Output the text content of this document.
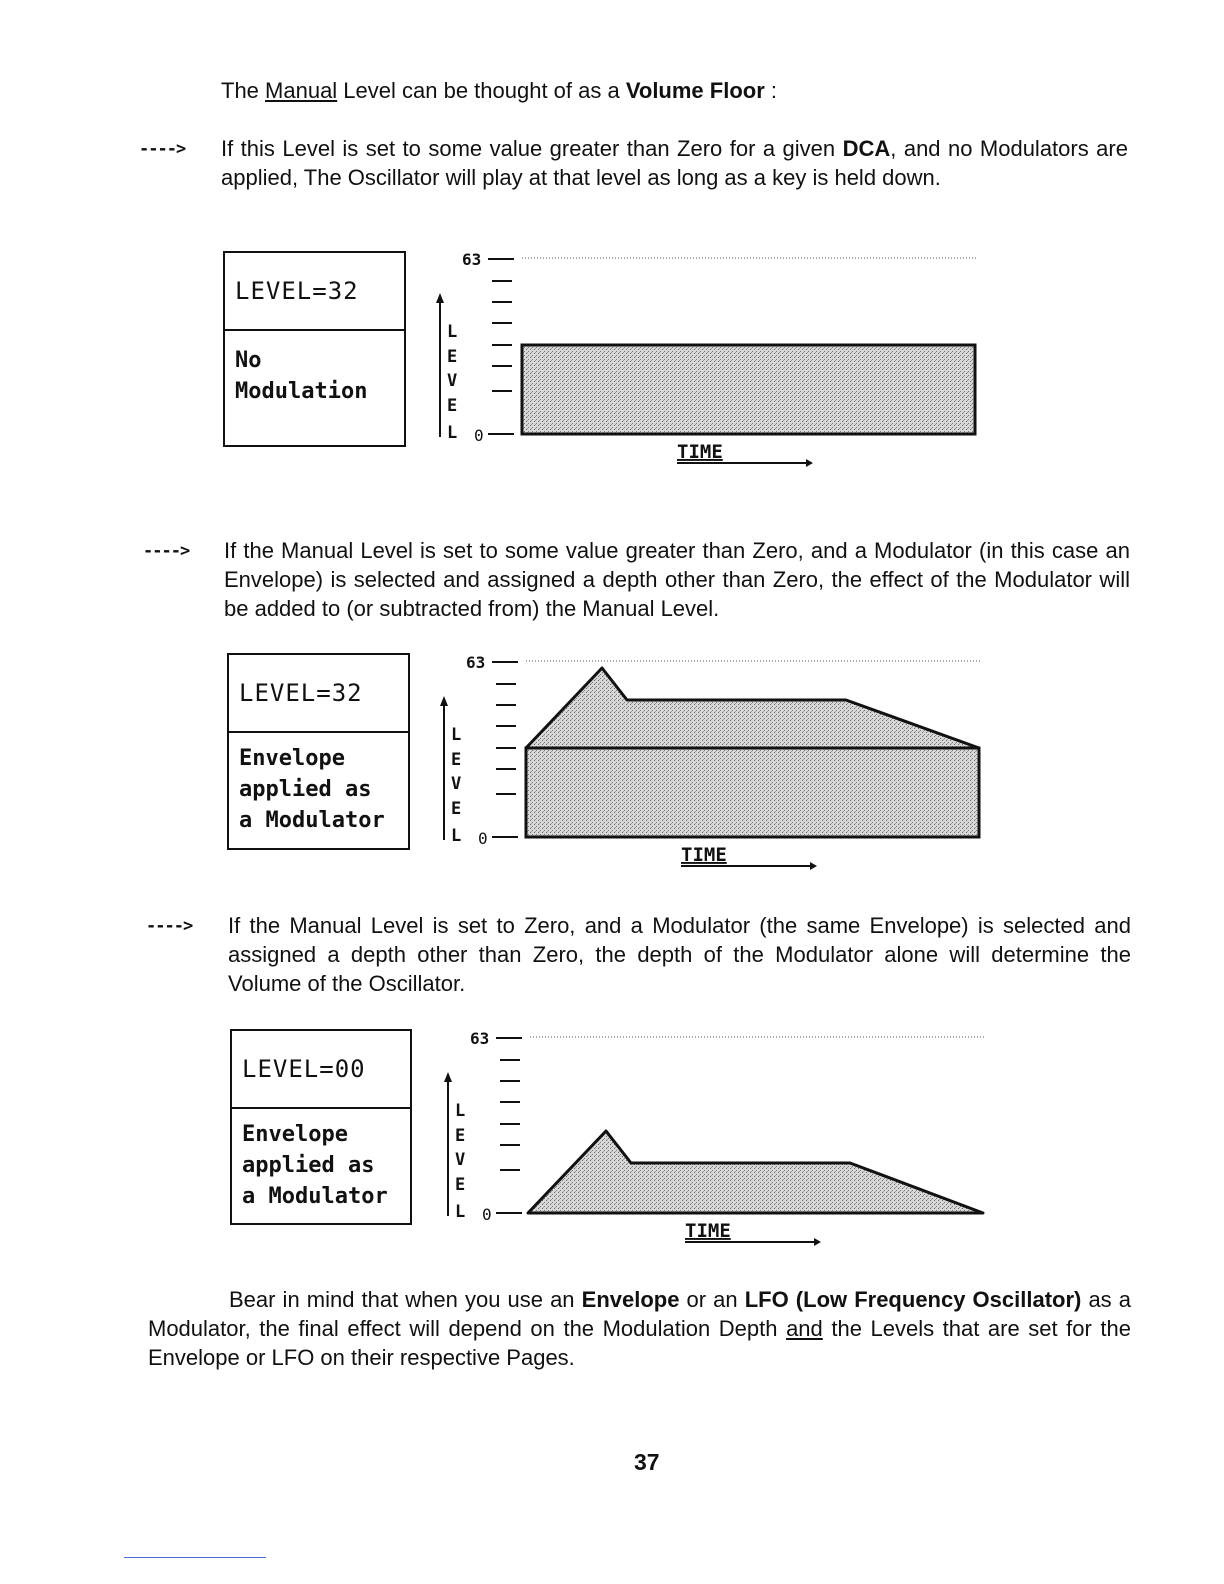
The Manual Level can be thought of as a Volume Floor :
----> If this Level is set to some value greater than Zero for a given DCA, and no Modulators are applied, The Oscillator will play at that level as long as a key is held down.
LEVEL=32
No
Modulation
63
L
E
V
E
L 0
TIME
----> If the Manual Level is set to some value greater than Zero, and a Modulator (in this case an Envelope) is selected and assigned a depth other than Zero, the effect of the Modulator will be added to (or subtracted from) the Manual Level.
LEVEL=32
Envelope
applied as
a Modulator
63
L
E
V
E
L 0
TIME
----> If the Manual Level is set to Zero, and a Modulator (the same Envelope) is selected and assigned a depth other than Zero, the depth of the Modulator alone will determine the Volume of the Oscillator.
LEVEL=00
Envelope
applied as
a Modulator
63
L
E
V
E
L 0
TIME
Bear in mind that when you use an Envelope or an LFO (Low Frequency Oscillator) as a Modulator, the final effect will depend on the Modulation Depth and the Levels that are set for the Envelope or LFO on their respective Pages.
37
